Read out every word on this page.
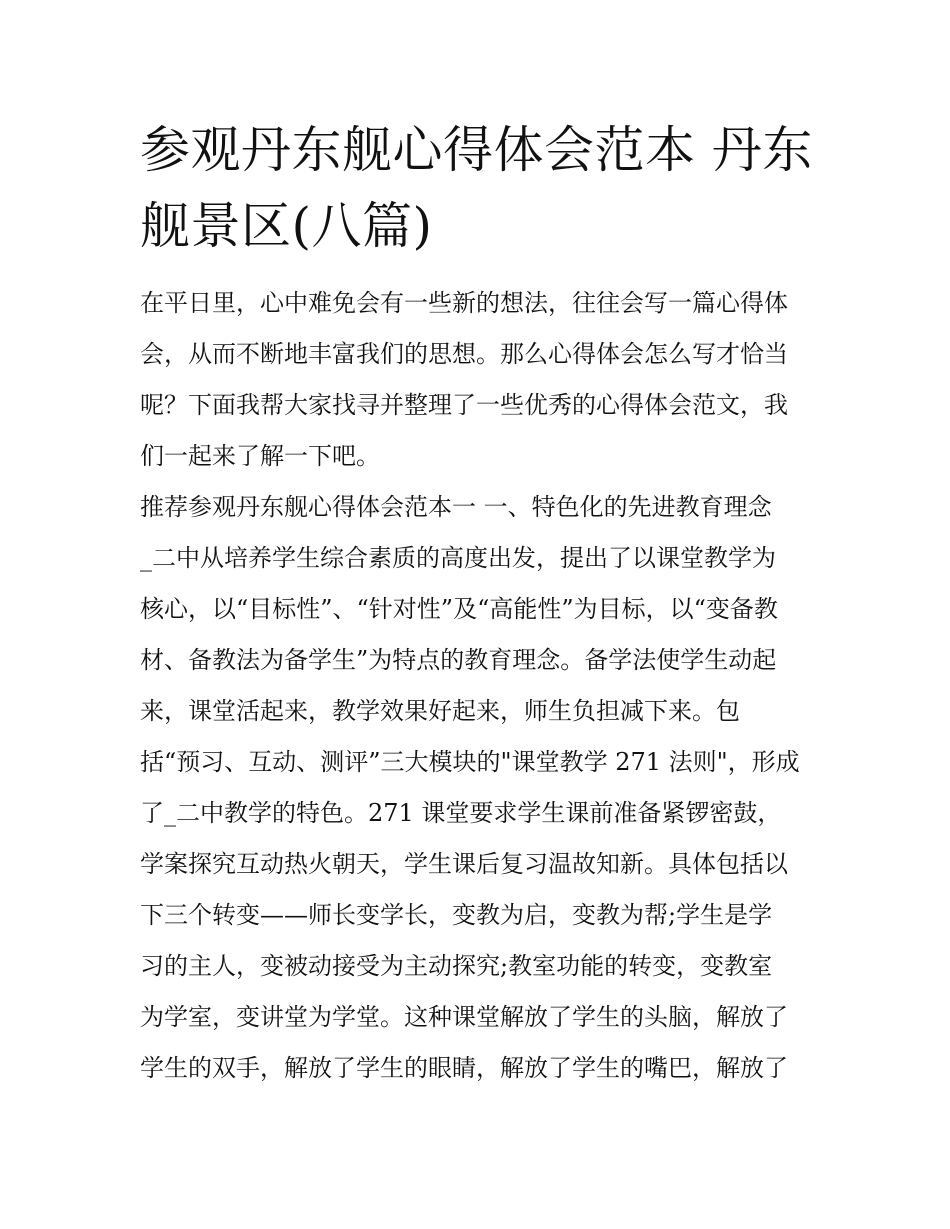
参观丹东舰心得体会范本 丹东
舰景区(八篇)

在平日里，心中难免会有一些新的想法，往往会写一篇心得体
会，从而不断地丰富我们的思想。那么心得体会怎么写才恰当
呢？下面我帮大家找寻并整理了一些优秀的心得体会范文，我
们一起来了解一下吧。

推荐参观丹东舰心得体会范本一 一、特色化的先进教育理念
_二中从培养学生综合素质的高度出发，提出了以课堂教学为
核心，以“目标性”、“针对性”及“高能性”为目标，以“变备教
材、备教法为备学生”为特点的教育理念。备学法使学生动起
来，课堂活起来，教学效果好起来，师生负担减下来。包
括“预习、互动、测评”三大模块的"课堂教学 271 法则"，形成
了_二中教学的特色。271 课堂要求学生课前准备紧锣密鼓，
学案探究互动热火朝天，学生课后复习温故知新。具体包括以
下三个转变——师长变学长，变教为启，变教为帮;学生是学
习的主人，变被动接受为主动探究;教室功能的转变，变教室
为学室，变讲堂为学堂。这种课堂解放了学生的头脑，解放了
学生的双手，解放了学生的眼睛，解放了学生的嘴巴，解放了
